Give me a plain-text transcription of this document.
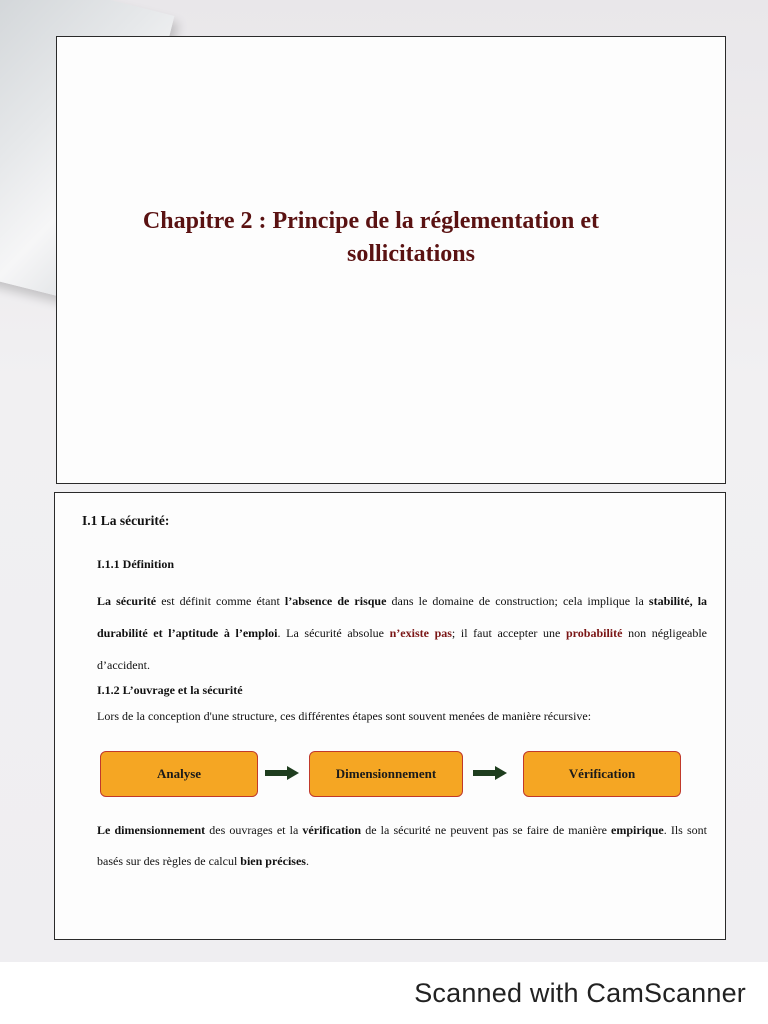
Chapitre 2 : Principe de la réglementation et
sollicitations
I.1 La sécurité:
I.1.1 Définition
La sécurité est définit comme étant l’absence de risque dans le domaine de construction; cela implique la stabilité, la durabilité et l’aptitude à l’emploi. La sécurité absolue n’existe pas; il faut accepter une probabilité non négligeable d’accident.
I.1.2 L’ouvrage et la sécurité
Lors de la conception d'une structure, ces différentes étapes sont souvent menées de manière récursive:
Analyse	Dimensionnement	Vérification
Le dimensionnement des ouvrages et la vérification de la sécurité ne peuvent pas se faire de manière empirique. Ils sont basés sur des règles de calcul bien précises.
Scanned with CamScanner
